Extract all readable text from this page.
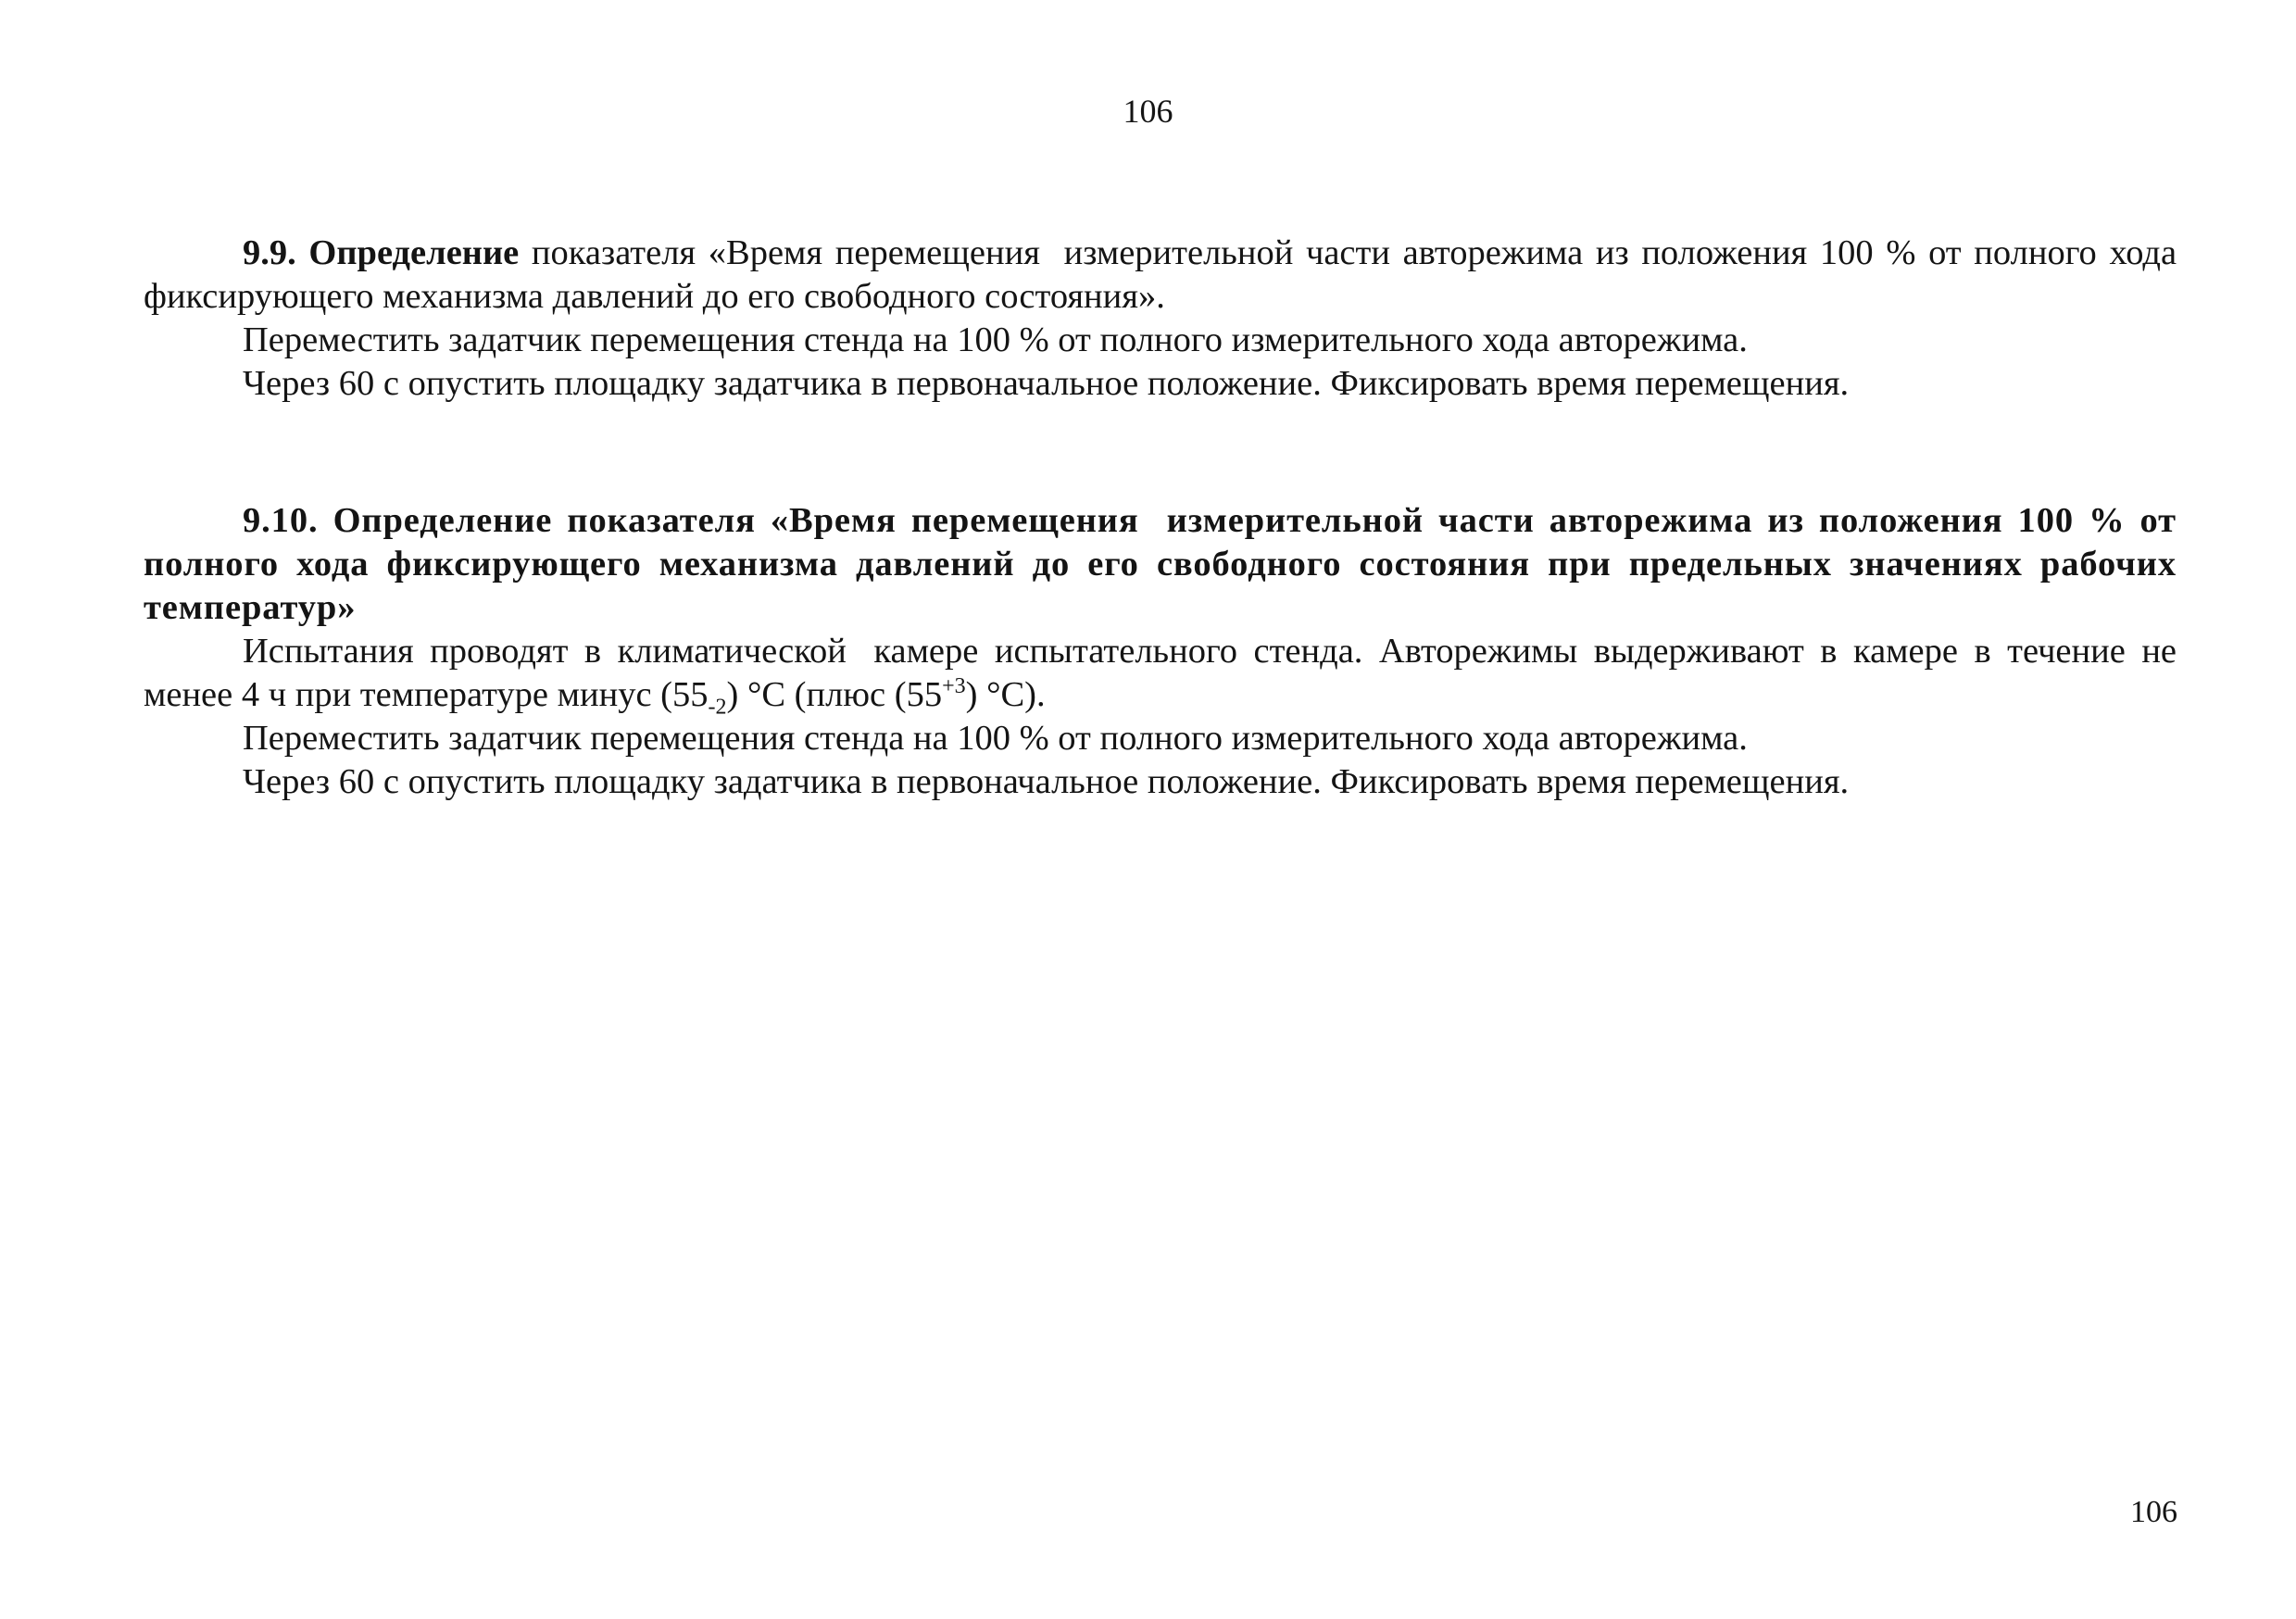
106

9.9. Определение показателя «Время перемещения измерительной части авторежима из положения 100 % от полного хода фиксирующего механизма давлений до его свободного состояния».

Переместить задатчик перемещения стенда на 100 % от полного измерительного хода авторежима.

Через 60 с опустить площадку задатчика в первоначальное положение. Фиксировать время перемещения.

9.10. Определение показателя «Время перемещения измерительной части авторежима из положения 100 % от полного хода фиксирующего механизма давлений до его свободного состояния при предельных значениях рабочих температур»

Испытания проводят в климатической камере испытательного стенда. Авторежимы выдерживают в камере в течение не менее 4 ч при температуре минус $(55_{-2})$ °С (плюс $(55^{+3})$ °С).

Переместить задатчик перемещения стенда на 100 % от полного измерительного хода авторежима.

Через 60 с опустить площадку задатчика в первоначальное положение. Фиксировать время перемещения.

106
